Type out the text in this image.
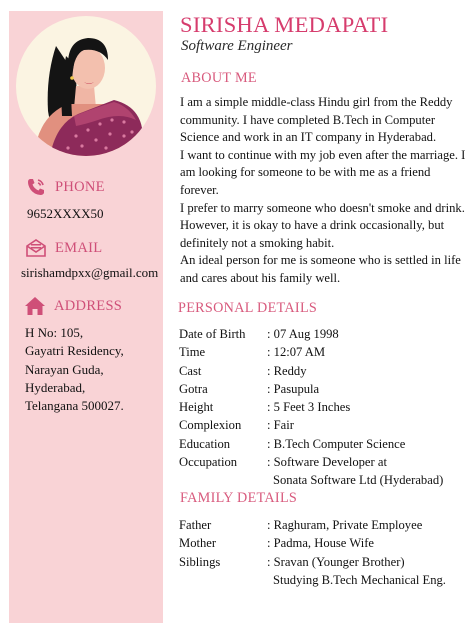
PHONE
9652XXXX50
EMAIL
sirishamdpxx@gmail.com
ADDRESS
H No: 105,
Gayatri Residency,
Narayan Guda,
Hyderabad,
Telangana 500027.
SIRISHA MEDAPATI
Software Engineer
ABOUT ME

I am a simple middle-class Hindu girl from the Reddy community. I have completed B.Tech in Computer Science and work in an IT company in Hyderabad.

I want to continue with my job even after the marriage. I am looking for someone to be with me as a friend forever.

I prefer to marry someone who doesn't smoke and drink. However, it is okay to have a drink occasionally, but definitely not a smoking habit.

An ideal person for me is someone who is settled in life and cares about his family well.

PERSONAL DETAILS
Date of Birth	: 07 Aug 1998
Time	: 12:07 AM
Cast	: Reddy
Gotra	: Pasupula
Height	: 5 Feet 3 Inches
Complexion	: Fair
Education	: B.Tech Computer Science
Occupation	: Software Developer at
Sonata Software Ltd (Hyderabad)
FAMILY DETAILS
Father	: Raghuram, Private Employee
Mother	: Padma, House Wife
Siblings	: Sravan (Younger Brother)
Studying B.Tech Mechanical Eng.
